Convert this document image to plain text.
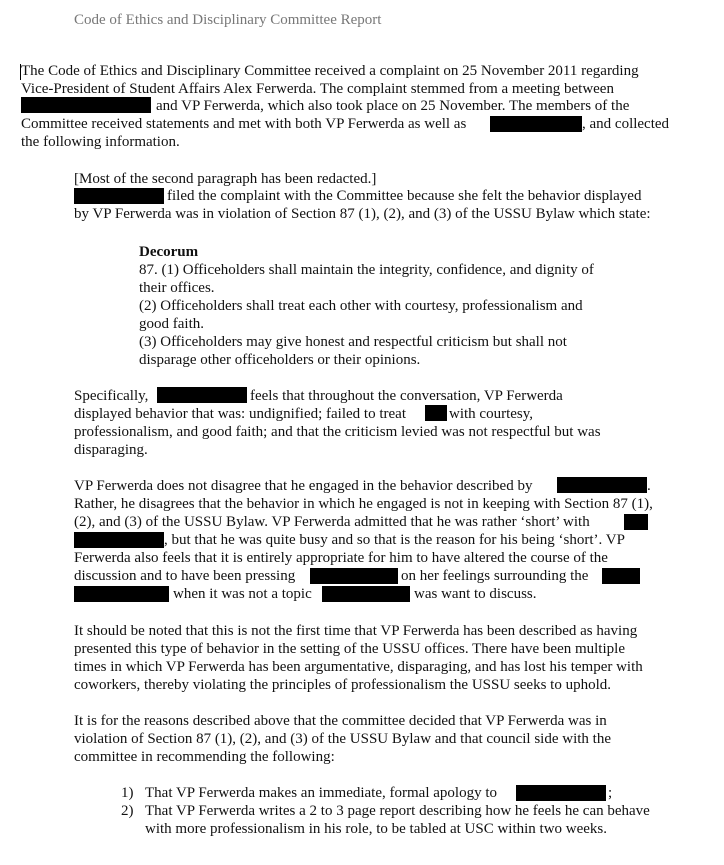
Code of Ethics and Disciplinary Committee Report
The Code of Ethics and Disciplinary Committee received a complaint on 25 November 2011 regarding
Vice-President of Student Affairs Alex Ferwerda. The complaint stemmed from a meeting between
and VP Ferwerda, which also took place on 25 November. The members of the
Committee received statements and met with both VP Ferwerda as well as	, and collected
the following information.
[Most of the second paragraph has been redacted.]
filed the complaint with the Committee because she felt the behavior displayed
by VP Ferwerda was in violation of Section 87 (1), (2), and (3) of the USSU Bylaw which state:
Decorum
87. (1) Officeholders shall maintain the integrity, confidence, and dignity of
their offices.
(2) Officeholders shall treat each other with courtesy, professionalism and
good faith.
(3) Officeholders may give honest and respectful criticism but shall not
disparage other officeholders or their opinions.
Specifically,	feels that throughout the conversation, VP Ferwerda
displayed behavior that was: undignified; failed to treat	with courtesy,
professionalism, and good faith; and that the criticism levied was not respectful but was
disparaging.
VP Ferwerda does not disagree that he engaged in the behavior described by	.
Rather, he disagrees that the behavior in which he engaged is not in keeping with Section 87 (1),
(2), and (3) of the USSU Bylaw. VP Ferwerda admitted that he was rather ‘short’ with
, but that he was quite busy and so that is the reason for his being ‘short’. VP
Ferwerda also feels that it is entirely appropriate for him to have altered the course of the
discussion and to have been pressing	on her feelings surrounding the
when it was not a topic	was want to discuss.
It should be noted that this is not the first time that VP Ferwerda has been described as having
presented this type of behavior in the setting of the USSU offices. There have been multiple
times in which VP Ferwerda has been argumentative, disparaging, and has lost his temper with
coworkers, thereby violating the principles of professionalism the USSU seeks to uphold.
It is for the reasons described above that the committee decided that VP Ferwerda was in
violation of Section 87 (1), (2), and (3) of the USSU Bylaw and that council side with the
committee in recommending the following:
1) That VP Ferwerda makes an immediate, formal apology to	;
2) That VP Ferwerda writes a 2 to 3 page report describing how he feels he can behave
with more professionalism in his role, to be tabled at USC within two weeks.
